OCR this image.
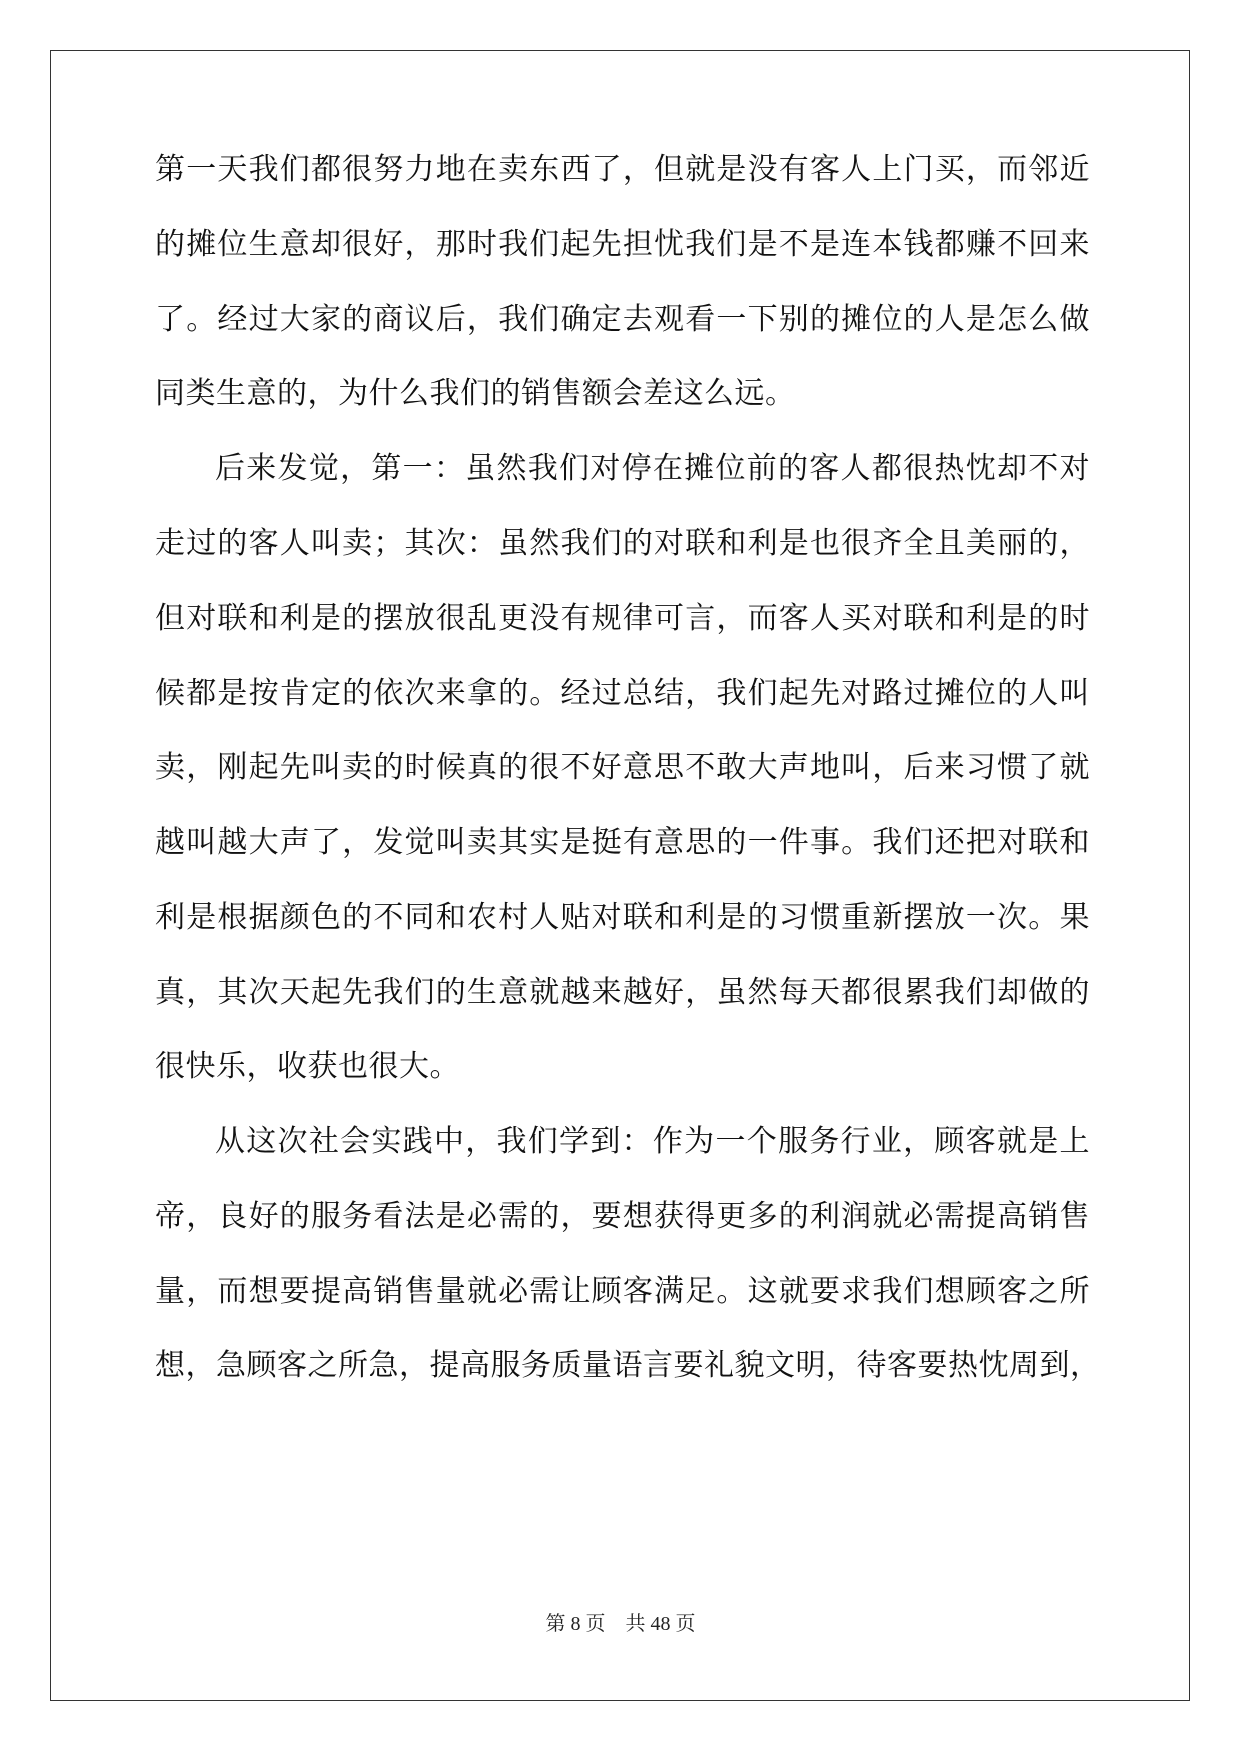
第一天我们都很努力地在卖东西了，但就是没有客人上门买，而邻近
的摊位生意却很好，那时我们起先担忧我们是不是连本钱都赚不回来
了。经过大家的商议后，我们确定去观看一下别的摊位的人是怎么做
同类生意的，为什么我们的销售额会差这么远。
后来发觉，第一：虽然我们对停在摊位前的客人都很热忱却不对
走过的客人叫卖；其次：虽然我们的对联和利是也很齐全且美丽的，
但对联和利是的摆放很乱更没有规律可言，而客人买对联和利是的时
候都是按肯定的依次来拿的。经过总结，我们起先对路过摊位的人叫
卖，刚起先叫卖的时候真的很不好意思不敢大声地叫，后来习惯了就
越叫越大声了，发觉叫卖其实是挺有意思的一件事。我们还把对联和
利是根据颜色的不同和农村人贴对联和利是的习惯重新摆放一次。果
真，其次天起先我们的生意就越来越好，虽然每天都很累我们却做的
很快乐，收获也很大。
从这次社会实践中，我们学到：作为一个服务行业，顾客就是上
帝，良好的服务看法是必需的，要想获得更多的利润就必需提高销售
量，而想要提高销售量就必需让顾客满足。这就要求我们想顾客之所
想，急顾客之所急，提高服务质量语言要礼貌文明，待客要热忱周到，
第 8 页　共 48 页
